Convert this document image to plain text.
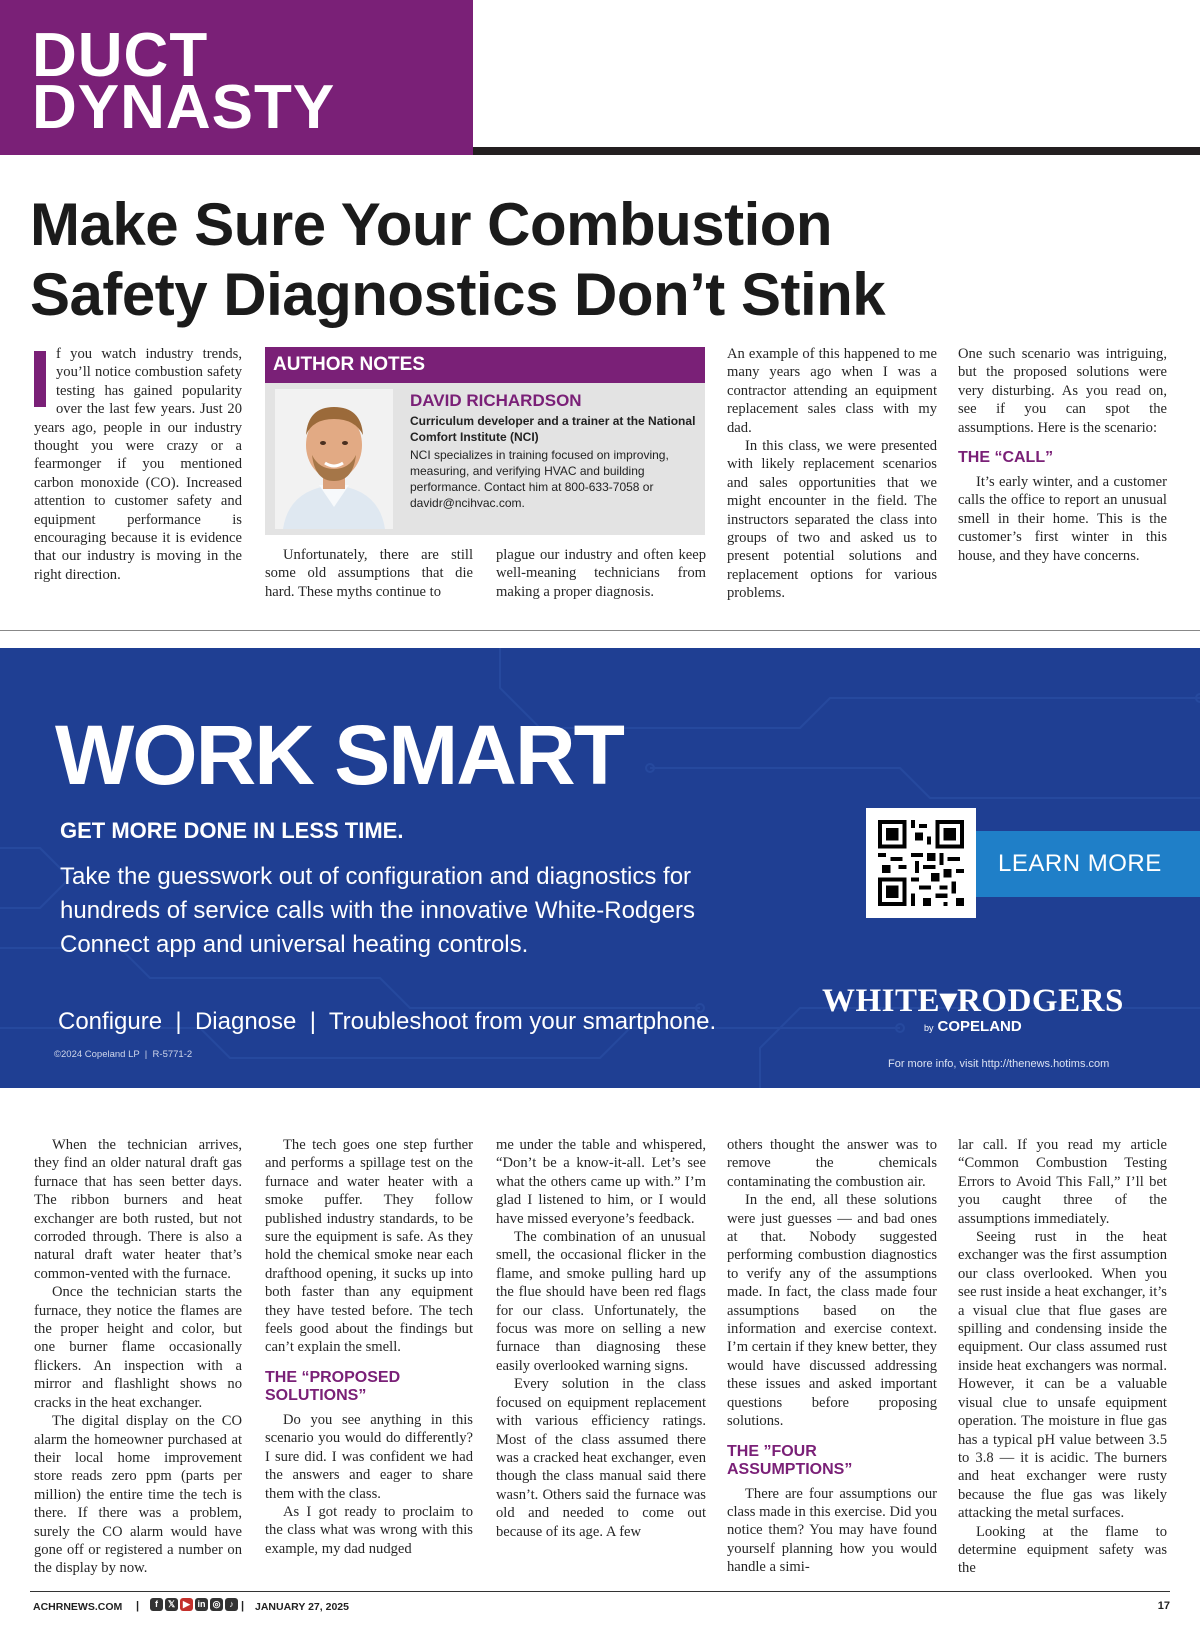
DUCT
DYNASTY
Make Sure Your Combustion
Safety Diagnostics Don’t Stink

f you watch industry trends, you’ll notice combustion safety testing has gained popularity over the last few years. Just 20 years ago, people in our industry thought you were crazy or a fearmonger if you mentioned carbon monoxide (CO). Increased attention to customer safety and equipment performance is encouraging because it is evidence that our industry is moving in the right direction.

AUTHOR NOTES
DAVID RICHARDSON
Curriculum developer and a trainer at the National Comfort Institute (NCI)
NCI specializes in training focused on improving, measuring, and verifying HVAC and building performance. Contact him at 800-633-7058 or davidr@ncihvac.com.

Unfortunately, there are still some old assumptions that die hard. These myths continue to

plague our industry and often keep well-meaning technicians from making a proper diagnosis.

An example of this happened to me many years ago when I was a contractor attending an equipment replacement sales class with my dad.

In this class, we were presented with likely replacement scenarios and sales opportunities that we might encounter in the field. The instructors separated the class into groups of two and asked us to present potential solutions and replacement options for various problems.

One such scenario was intriguing, but the proposed solutions were very disturbing. As you read on, see if you can spot the assumptions. Here is the scenario:

THE “CALL”

It’s early winter, and a customer calls the office to report an unusual smell in their home. This is the customer’s first winter in this house, and they have concerns.

WORK SMART
GET MORE DONE IN LESS TIME.
Take the guesswork out of configuration and diagnostics for hundreds of service calls with the innovative White-Rodgers Connect app and universal heating controls.
Configure  |  Diagnose  |  Troubleshoot from your smartphone.
©2024 Copeland LP  |  R-5771-2
LEARN MORE
WHITE▾RODGERS
by COPELAND
For more info, visit http://thenews.hotims.com

When the technician arrives, they find an older natural draft gas furnace that has seen better days. The ribbon burners and heat exchanger are both rusted, but not corroded through. There is also a natural draft water heater that’s common-vented with the furnace.

Once the technician starts the furnace, they notice the flames are the proper height and color, but one burner flame occasionally flickers. An inspection with a mirror and flashlight shows no cracks in the heat exchanger.

The digital display on the CO alarm the homeowner purchased at their local home improvement store reads zero ppm (parts per million) the entire time the tech is there. If there was a problem, surely the CO alarm would have gone off or registered a number on the display by now.

The tech goes one step further and performs a spillage test on the furnace and water heater with a smoke puffer. They follow published industry standards, to be sure the equipment is safe. As they hold the chemical smoke near each drafthood opening, it sucks up into both faster than any equipment they have tested before. The tech feels good about the findings but can’t explain the smell.

THE “PROPOSED SOLUTIONS”

Do you see anything in this scenario you would do differently? I sure did. I was confident we had the answers and eager to share them with the class.

As I got ready to proclaim to the class what was wrong with this example, my dad nudged

me under the table and whispered, “Don’t be a know-it-all. Let’s see what the others came up with.” I’m glad I listened to him, or I would have missed everyone’s feedback.

The combination of an unusual smell, the occasional flicker in the flame, and smoke pulling hard up the flue should have been red flags for our class. Unfortunately, the focus was more on selling a new furnace than diagnosing these easily overlooked warning signs.

Every solution in the class focused on equipment replacement with various efficiency ratings. Most of the class assumed there was a cracked heat exchanger, even though the class manual said there wasn’t. Others said the furnace was old and needed to come out because of its age. A few

others thought the answer was to remove the chemicals contaminating the combustion air.

In the end, all these solutions were just guesses — and bad ones at that. Nobody suggested performing combustion diagnostics to verify any of the assumptions made. In fact, the class made four assumptions based on the information and exercise context. I’m certain if they knew better, they would have discussed addressing these issues and asked important questions before proposing solutions.

THE ”FOUR ASSUMPTIONS”

There are four assumptions our class made in this exercise. Did you notice them? You may have found yourself planning how you would handle a simi-

lar call. If you read my article “Common Combustion Testing Errors to Avoid This Fall,” I’ll bet you caught three of the assumptions immediately.

Seeing rust in the heat exchanger was the first assumption our class overlooked. When you see rust inside a heat exchanger, it’s a visual clue that flue gases are spilling and condensing inside the equipment. Our class assumed rust inside heat exchangers was normal. However, it can be a valuable visual clue to unsafe equipment operation. The moisture in flue gas has a typical pH value between 3.5 to 3.8 — it is acidic. The burners and heat exchanger were rusty because the flue gas was likely attacking the metal surfaces.

Looking at the flame to determine equipment safety was the

ACHRNEWS.COM |	f	𝕏 ▶ in ◎ ♪ | JANUARY 27, 2025	17
